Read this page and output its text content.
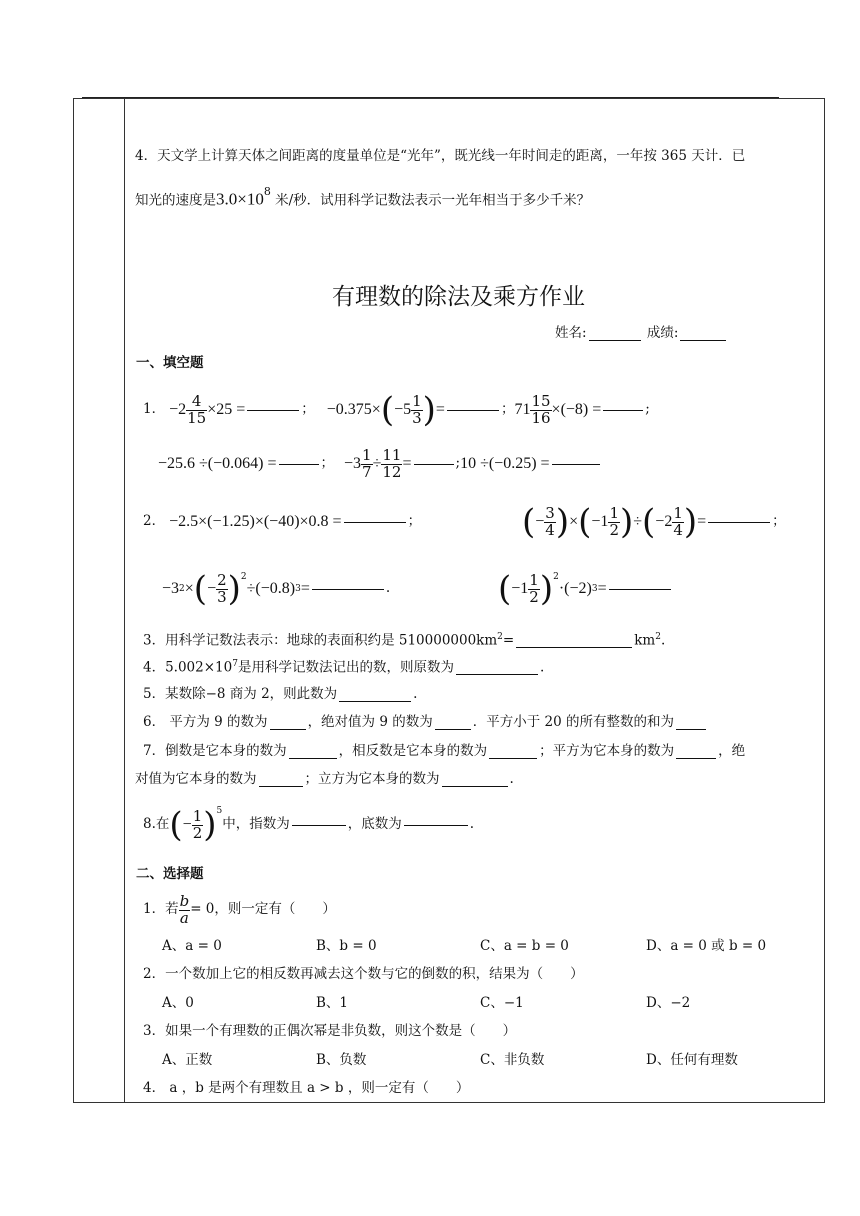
4．天文学上计算天体之间距离的度量单位是“光年”，既光线一年时间走的距离，一年按 365 天计．已
知光的速度是$3.0\times 10^8$ 米/秒．试用科学记数法表示一光年相当于多少千米？
有理数的除法及乘方作业
姓名:	成绩:
一、填空题
1． $-2 \frac{4}{15} \times 25$ =	； −0.375× ( $-5 \frac{1}{3}$ ) =	； $71 \frac{15}{16} \times(-8)$ =	;
−25.6 ÷(−0.064) =	； $-3 \frac{1}{7} \div \frac{11}{12}$ =	; 10 ÷(−0.25) =
2． −2.5×(−1.25)×(−40)×0.8 =	；	( − $\frac{3}{4}$ ) × ( $-1 \frac{1}{2}$ ) ÷ ( $-2 \frac{1}{4}$ ) =	；
−3 2 × ( − $\frac{2}{3} )^2$
÷(−0.8) 3 =	.	( $-1 \frac{1}{2} )^2$
·(−2) 3 =
3．用科学记数法表示：地球的表面积约是 $510000000km^2=$	$km^2$.
4．$5.002\times 10^7$是用科学记数法记出的数，则原数为	.
5．某数除−8 商为 2，则此数为	.
6． 平方为 9 的数为	，绝对值为 9 的数为	．平方小于 20 的所有整数的和为
7．倒数是它本身的数为	，相反数是它本身的数为	；平方为它本身的数为	，绝
对值为它本身的数为	；立方为它本身的数为	.
8.在 ( − $\frac{1}{2} )^5$
中，指数为	，底数为	.
二、选择题
1．若 $\frac{b}{a} = 0$，则一定有（　　）
A、a = 0	B、b = 0	C、a = b = 0	D、a = 0 或 b = 0
2．一个数加上它的相反数再减去这个数与它的倒数的积，结果为（　　）
A、0	B、1	C、−1	D、−2
3．如果一个有理数的正偶次幂是非负数，则这个数是（　　）
A、正数	B、负数	C、非负数	D、任何有理数
4． a ，b 是两个有理数且 a > b ，则一定有（　　）
